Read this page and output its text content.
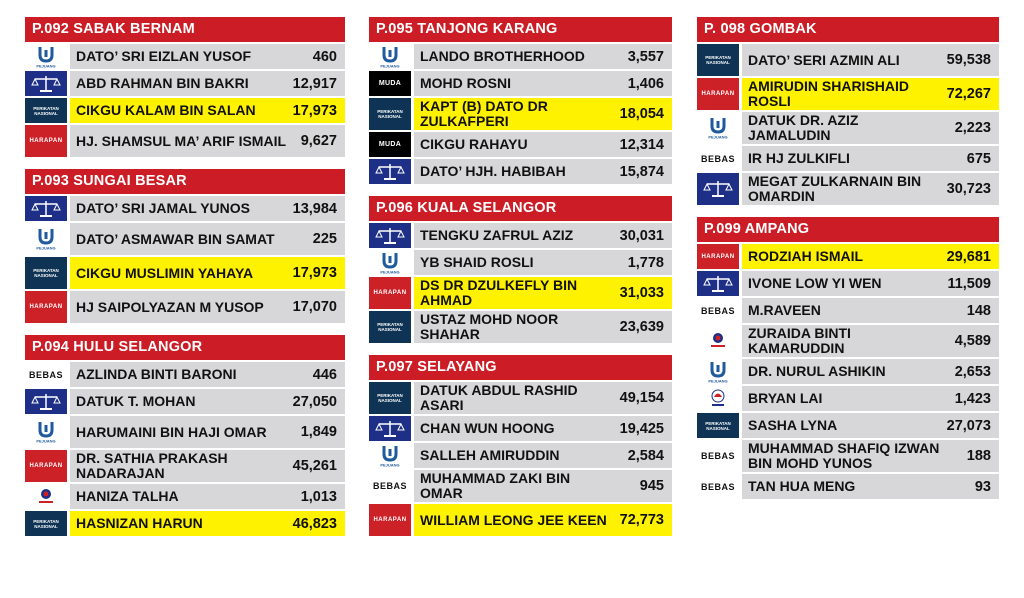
P.092 SABAK BERNAM
PEJUANG
DATO’ SRI EIZLAN YUSOF	460
ABD RAHMAN BIN BAKRI	12,917
PERIKATAN NASIONAL	CIKGU KALAM BIN SALAN	17,973
HARAPAN HJ. SHAMSUL MA’ ARIF ISMAIL	9,627
P.093 SUNGAI BESAR
DATO’ SRI JAMAL YUNOS	13,984
PEJUANG
DATO’ ASMAWAR BIN SAMAT	225
PERIKATAN NASIONAL	CIKGU MUSLIMIN YAHAYA	17,973
HARAPAN HJ SAIPOLYAZAN M YUSOP	17,070
P.094 HULU SELANGOR
BEBAS AZLINDA BINTI BARONI	446
DATUK T. MOHAN	27,050
PEJUANG
HARUMAINI BIN HAJI OMAR	1,849
HARAPAN DR. SATHIA PRAKASH NADARAJAN	45,261
HANIZA TALHA	1,013
PERIKATAN NASIONAL	HASNIZAN HARUN	46,823
P.095 TANJONG KARANG
PEJUANG
LANDO BROTHERHOOD	3,557
MUDA MOHD ROSNI	1,406
PERIKATAN NASIONAL
KAPT (B) DATO DR ZULKAFPERI	18,054
MUDA CIKGU RAHAYU	12,314
DATO’ HJH. HABIBAH	15,874
P.096 KUALA SELANGOR
TENGKU ZAFRUL AZIZ	30,031
PEJUANG
YB SHAID ROSLI	1,778
HARAPAN DS DR DZULKEFLY BIN AHMAD	31,033
PERIKATAN NASIONAL
USTAZ MOHD NOOR SHAHAR	23,639
P.097 SELAYANG
PERIKATAN NASIONAL
DATUK ABDUL RASHID ASARI	49,154
CHAN WUN HOONG	19,425
PEJUANG
SALLEH AMIRUDDIN	2,584
BEBAS MUHAMMAD ZAKI BIN OMAR	945
HARAPAN WILLIAM LEONG JEE KEEN 72,773
P. 098 GOMBAK
PERIKATAN NASIONAL	DATO’ SERI AZMIN ALI	59,538
HARAPAN AMIRUDIN SHARISHAID ROSLI	72,267
PEJUANG
DATUK DR. AZIZ JAMALUDIN	2,223
BEBAS IR HJ ZULKIFLI	675
MEGAT ZULKARNAIN BIN OMARDIN	30,723
P.099 AMPANG
HARAPAN RODZIAH ISMAIL	29,681
IVONE LOW YI WEN	11,509
BEBAS M.RAVEEN	148
ZURAIDA BINTI KAMARUDDIN	4,589
PEJUANG
DR. NURUL ASHIKIN	2,653
BRYAN LAI	1,423
PERIKATAN NASIONAL	SASHA LYNA	27,073
BEBAS MUHAMMAD SHAFIQ IZWAN BIN MOHD YUNOS	188
BEBAS TAN HUA MENG	93
